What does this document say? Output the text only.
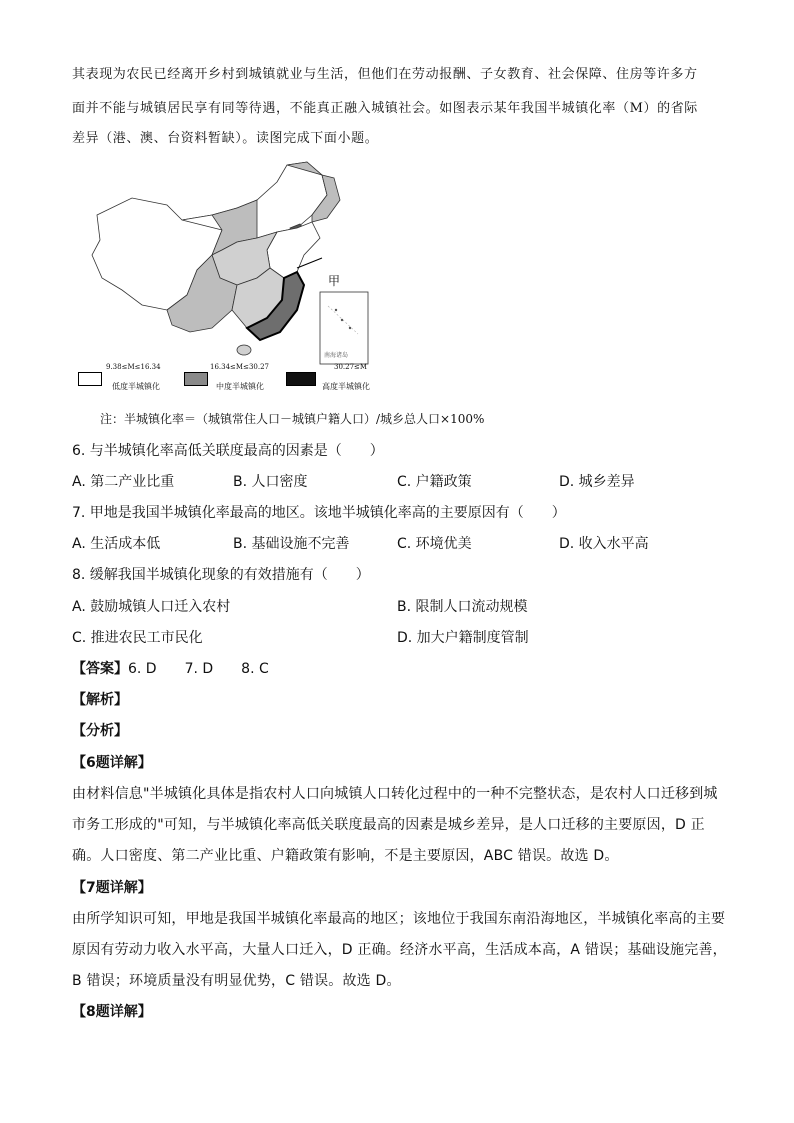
其表现为农民已经离开乡村到城镇就业与生活，但他们在劳动报酬、子女教育、社会保障、住房等许多方
面并不能与城镇居民享有同等待遇，不能真正融入城镇社会。如图表示某年我国半城镇化率（M）的省际
差异（港、澳、台资料暂缺）。读图完成下面小题。
甲
南海诸岛
9.38≤M≤16.34
低度半城镇化
16.34≤M≤30.27
中度半城镇化
30.27≤M
高度半城镇化
注：半城镇化率＝（城镇常住人口－城镇户籍人口）/城乡总人口×100%
6. 与半城镇化率高低关联度最高的因素是（　　）
A. 第二产业比重	B. 人口密度	C. 户籍政策	D. 城乡差异
7. 甲地是我国半城镇化率最高的地区。该地半城镇化率高的主要原因有（　　）
A. 生活成本低	B. 基础设施不完善	C. 环境优美	D. 收入水平高
8. 缓解我国半城镇化现象的有效措施有（　　）
A. 鼓励城镇人口迁入农村	B. 限制人口流动规模
C. 推进农民工市民化	D. 加大户籍制度管制
【答案】6. D　　7. D　　8. C
【解析】
【分析】
【6题详解】
由材料信息"半城镇化具体是指农村人口向城镇人口转化过程中的一种不完整状态，是农村人口迁移到城
市务工形成的"可知，与半城镇化率高低关联度最高的因素是城乡差异，是人口迁移的主要原因，D 正
确。人口密度、第二产业比重、户籍政策有影响，不是主要原因，ABC 错误。故选 D。
【7题详解】
由所学知识可知，甲地是我国半城镇化率最高的地区；该地位于我国东南沿海地区，半城镇化率高的主要
原因有劳动力收入水平高，大量人口迁入，D 正确。经济水平高，生活成本高，A 错误；基础设施完善，
B 错误；环境质量没有明显优势，C 错误。故选 D。
【8题详解】
